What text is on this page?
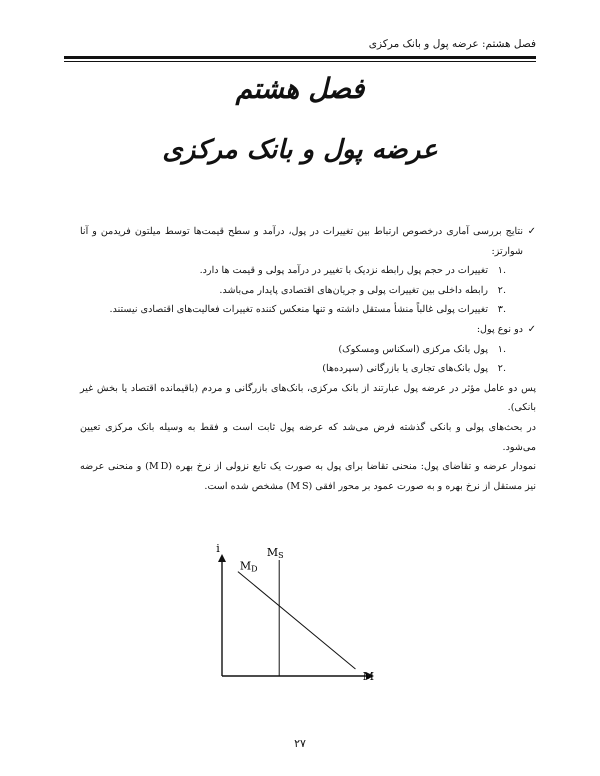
فصل هشتم: عرضه پول و بانک مرکزی
فصل هشتم
عرضه پول و بانک مرکزی

✓
نتایج بررسی آماری درخصوص ارتباط بین تغییرات در پول، درآمد و سطح قیمت‌ها توسط میلتون فریدمن و آنا شوارتز:

.۱
تغییرات در حجم پول رابطه نزدیک با تغییر در درآمد پولی و قیمت ها دارد.

.۲
رابطه داخلی بین تغییرات پولی و جریان‌های اقتصادی پایدار می‌باشد.

.۳
تغییرات پولی غالباً منشأ مستقل داشته و تنها منعکس کننده تغییرات فعالیت‌های اقتصادی نیستند.

✓
دو نوع پول:

.۱
پول بانک مرکزی (اسکناس ومسکوک)

.۲
پول بانک‌های تجاری یا بازرگانی (سپرده‌ها)

پس دو عامل مؤثر در عرضه پول عبارتند از بانک مرکزی، بانک‌های بازرگانی و مردم (باقیمانده اقتصاد یا بخش غیر بانکی).

در بحث‌های پولی و بانکی گذشته فرض می‌شد که عرضه پول ثابت است و فقط به وسیله بانک مرکزی تعیین می‌شود.

نمودار عرضه و تقاضای پول: منحنی تقاضا برای پول به صورت یک تابع نزولی از نرخ بهره (M D) و منحنی عرضه نیز مستقل از نرخ بهره و به صورت عمود بر محور افقی (M S) مشخص شده است.

i
M
MD
MS
۲۷
